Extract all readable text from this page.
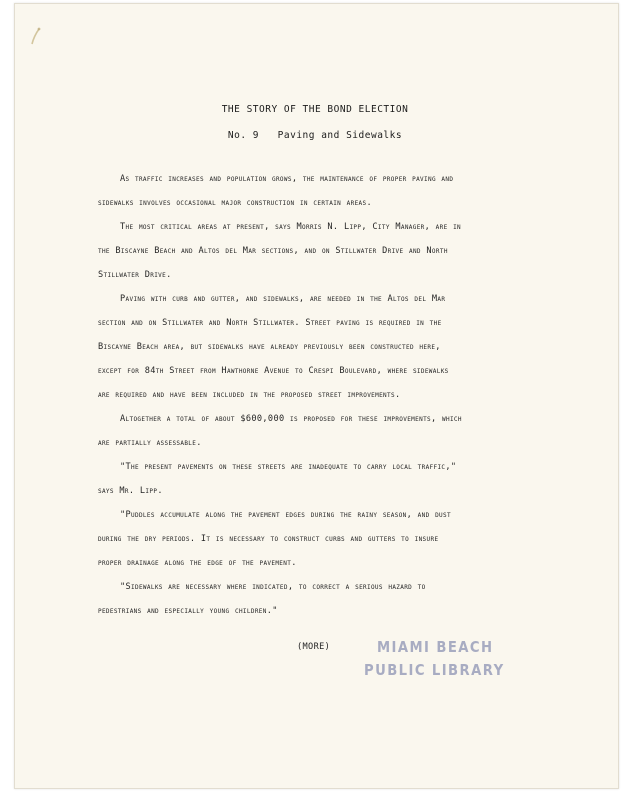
THE STORY OF THE BOND ELECTION
No. 9   Paving and Sidewalks
As traffic increases and population grows, the maintenance of proper paving and
sidewalks involves occasional major construction in certain areas.
The most critical areas at present, says Morris N. Lipp, City Manager, are in
the Biscayne Beach and Altos del Mar sections, and on Stillwater Drive and North
Stillwater Drive.
Paving with curb and gutter, and sidewalks, are needed in the Altos del Mar
section and on Stillwater and North Stillwater. Street paving is required in the
Biscayne Beach area, but sidewalks have already previously been constructed here,
except for 84th Street from Hawthorne Avenue to Crespi Boulevard, where sidewalks
are required and have been included in the proposed street improvements.
Altogether a total of about $600,000 is proposed for these improvements, which
are partially assessable.
"The present pavements on these streets are inadequate to carry local traffic,"
says Mr. Lipp.
"Puddles accumulate along the pavement edges during the rainy season, and dust
during the dry periods. It is necessary to construct curbs and gutters to insure
proper drainage along the edge of the pavement.
"Sidewalks are necessary where indicated, to correct a serious hazard to
pedestrians and especially young children."
(MORE)	MIAMI BEACH
PUBLIC LIBRARY
